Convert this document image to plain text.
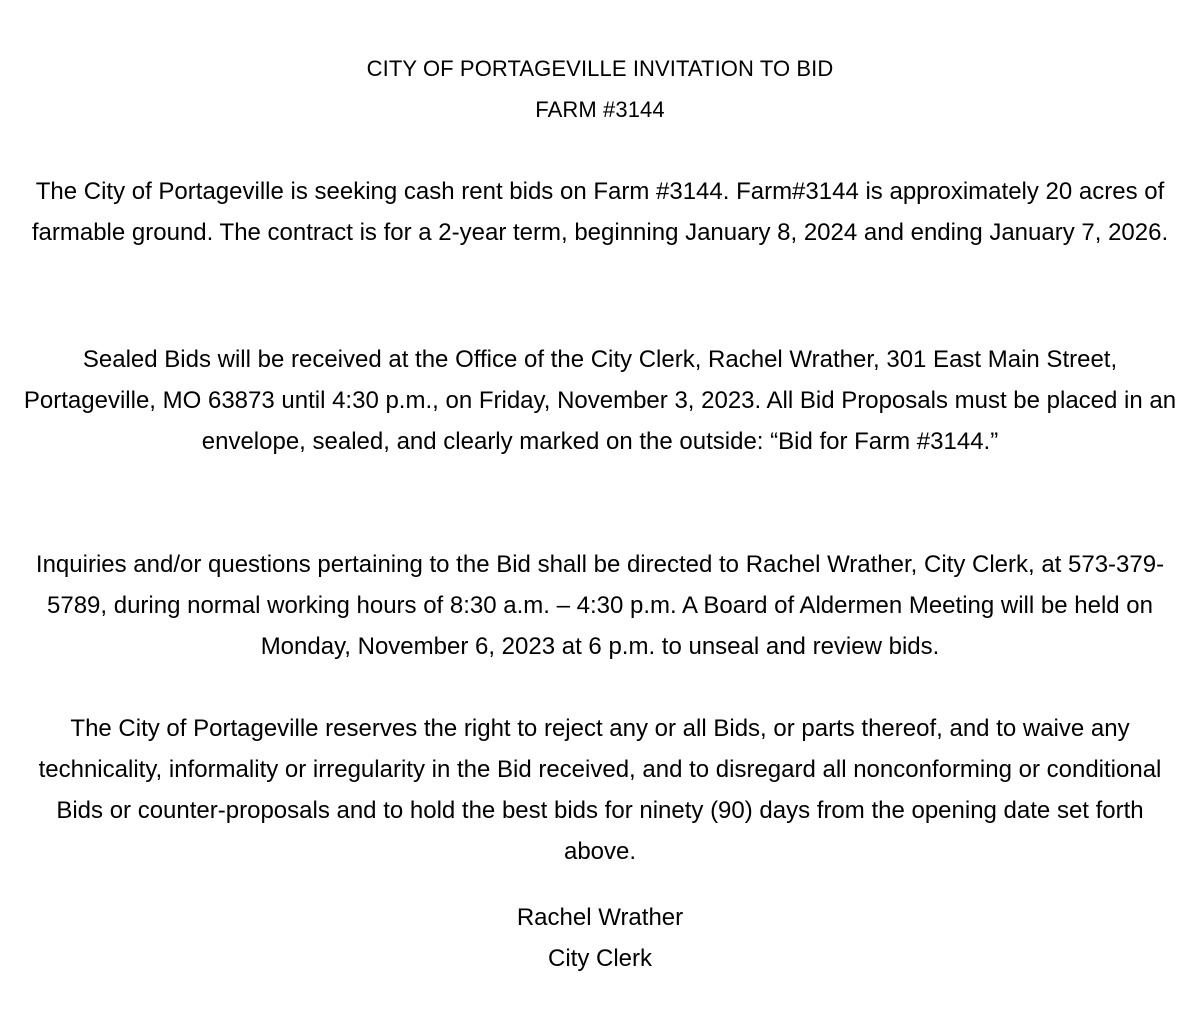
CITY OF PORTAGEVILLE INVITATION TO BID
FARM #3144

The City of Portageville is seeking cash rent bids on Farm #3144. Farm#3144 is approximately 20 acres of farmable ground. The contract is for a 2-year term, beginning January 8, 2024 and ending January 7, 2026.

Sealed Bids will be received at the Office of the City Clerk, Rachel Wrather, 301 East Main Street, Portageville, MO 63873 until 4:30 p.m., on Friday, November 3, 2023. All Bid Proposals must be placed in an envelope, sealed, and clearly marked on the outside: “Bid for Farm #3144.”

Inquiries and/or questions pertaining to the Bid shall be directed to Rachel Wrather, City Clerk, at 573-379-5789, during normal working hours of 8:30 a.m. – 4:30 p.m. A Board of Aldermen Meeting will be held on Monday, November 6, 2023 at 6 p.m. to unseal and review bids.

The City of Portageville reserves the right to reject any or all Bids, or parts thereof, and to waive any technicality, informality or irregularity in the Bid received, and to disregard all nonconforming or conditional Bids or counter-proposals and to hold the best bids for ninety (90) days from the opening date set forth above.

Rachel Wrather
City Clerk
